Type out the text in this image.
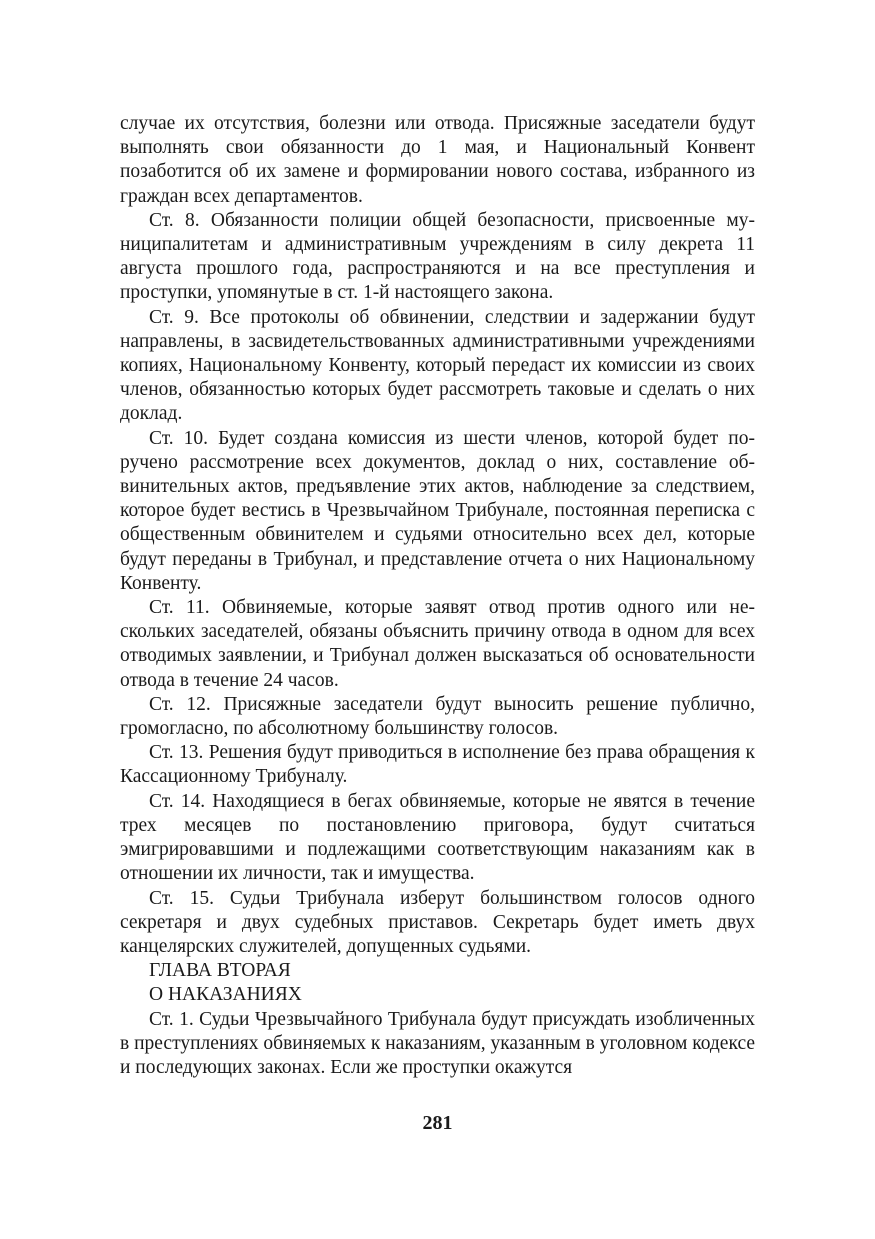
случае их отсутствия, болезни или отвода. Присяжные заседатели будут выполнять свои обязанности до 1 мая, и Национальный Конвент позаботится об их замене и формировании нового состава, избранного из граждан всех департаментов.

Ст. 8. Обязанности полиции общей безопасности, присвоенные муниципалитетам и административным учреждениям в силу декрета 11 августа прошлого года, распространяются и на все преступления и проступки, упомянутые в ст. 1-й настоящего закона.

Ст. 9. Все протоколы об обвинении, следствии и задержании будут направлены, в засвидетельствованных административными учреждениями копиях, Национальному Конвенту, который передаст их комиссии из своих членов, обязанностью которых будет рассмотреть таковые и сделать о них доклад.

Ст. 10. Будет создана комиссия из шести членов, которой будет поручено рассмотрение всех документов, доклад о них, составление обвинительных актов, предъявление этих актов, наблюдение за следствием, которое будет вестись в Чрезвычайном Трибунале, постоянная переписка с общественным обвинителем и судьями относительно всех дел, которые будут переданы в Трибунал, и представление отчета о них Национальному Конвенту.

Ст. 11. Обвиняемые, которые заявят отвод против одного или нескольких заседателей, обязаны объяснить причину отвода в одном для всех отводимых заявлении, и Трибунал должен высказаться об основательности отвода в течение 24 часов.

Ст. 12. Присяжные заседатели будут выносить решение публично, громогласно, по абсолютному большинству голосов.

Ст. 13. Решения будут приводиться в исполнение без права обращения к Кассационному Трибуналу.

Ст. 14. Находящиеся в бегах обвиняемые, которые не явятся в течение трех месяцев по постановлению приговора, будут считаться эмигрировавшими и подлежащими соответствующим наказаниям как в отношении их личности, так и имущества.

Ст. 15. Судьи Трибунала изберут большинством голосов одного секретаря и двух судебных приставов. Секретарь будет иметь двух канцелярских служителей, допущенных судьями.

ГЛАВА ВТОРАЯ

О НАКАЗАНИЯХ

Ст. 1. Судьи Чрезвычайного Трибунала будут присуждать изобличенных в преступлениях обвиняемых к наказаниям, указанным в уголовном кодексе и последующих законах. Если же проступки окажутся

281
